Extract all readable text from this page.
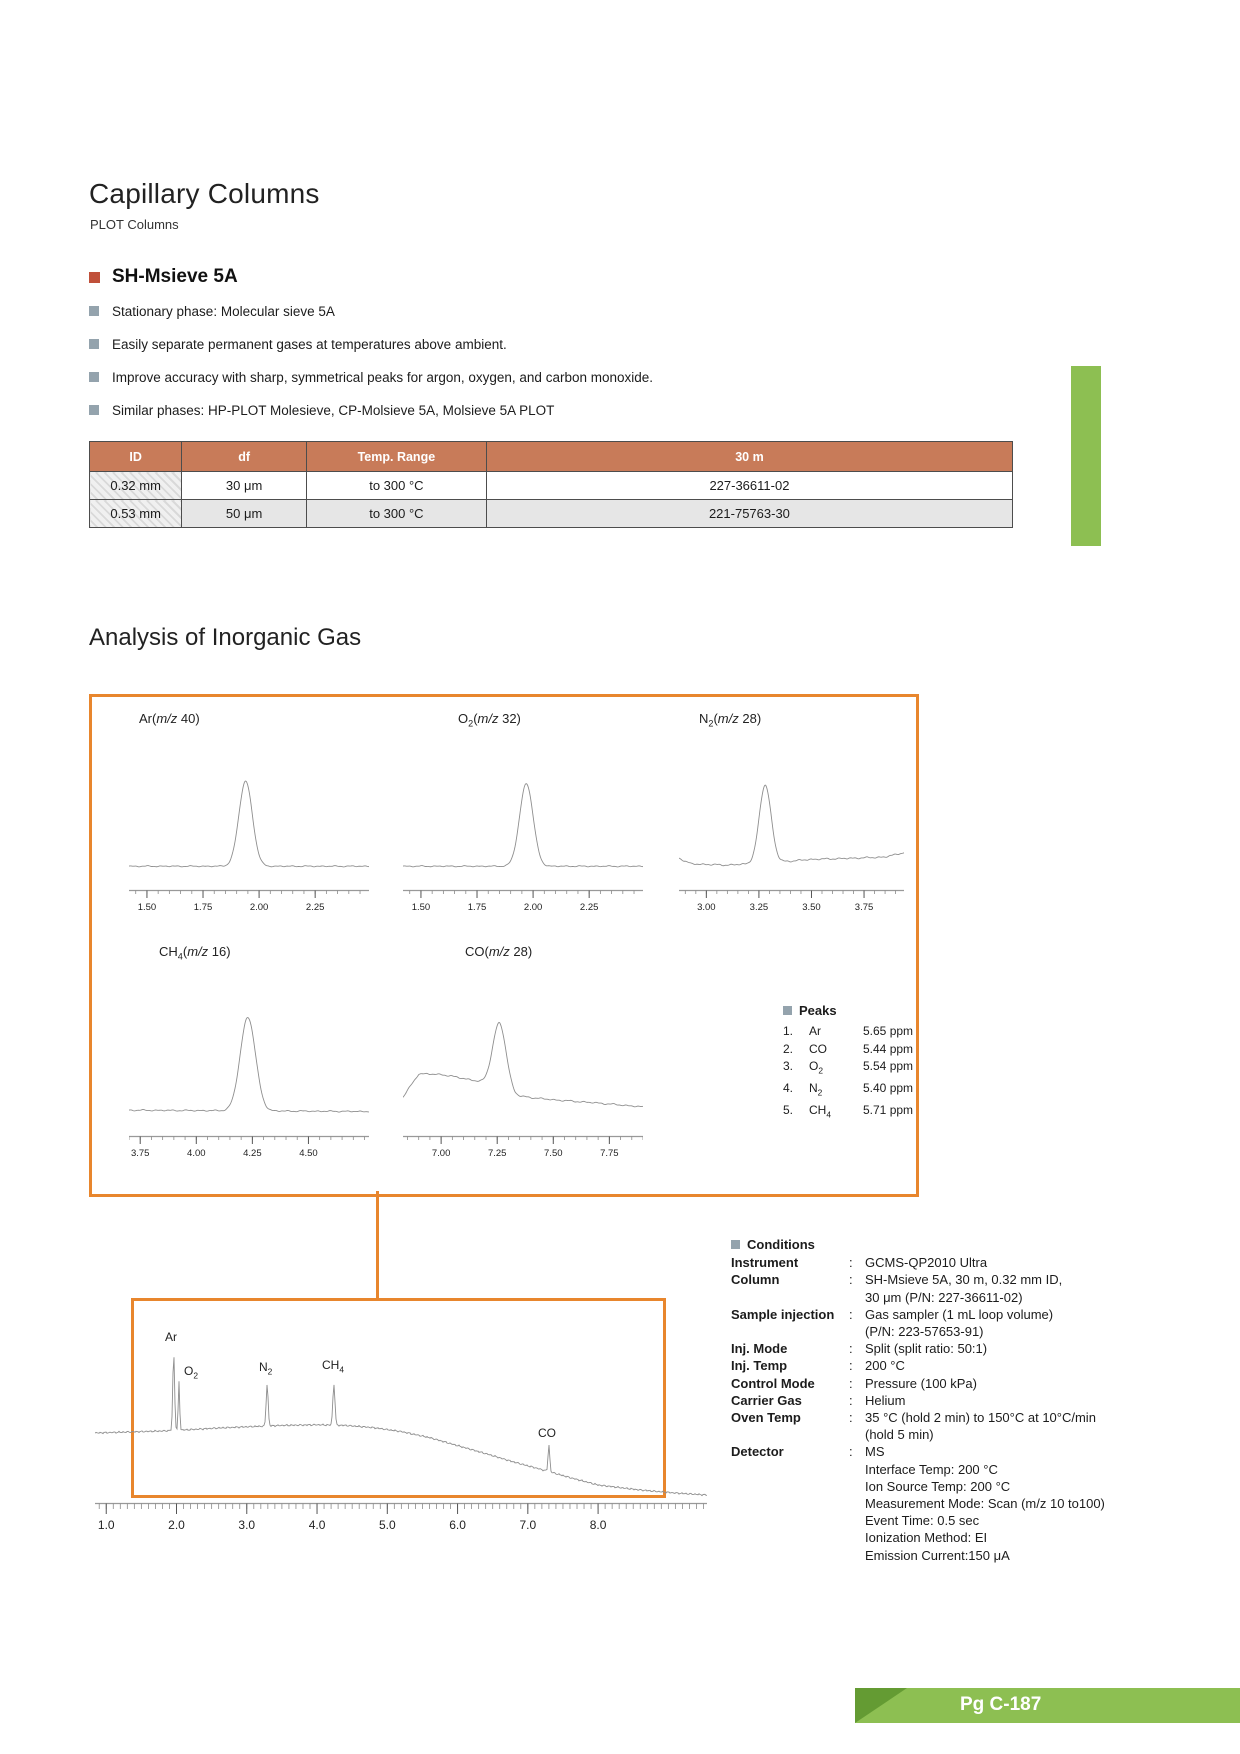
Capillary Columns
PLOT Columns
SH-Msieve 5A
Stationary phase: Molecular sieve 5A
Easily separate permanent gases at temperatures above ambient.
Improve accuracy with sharp, symmetrical peaks for argon, oxygen, and carbon monoxide.
Similar phases: HP-PLOT Molesieve, CP-Molsieve 5A, Molsieve 5A PLOT
ID	df	Temp. Range	30 m
0.32 mm	30 μm	to 300 °C	227-36611-02
0.53 mm	50 μm	to 300 °C	221-75763-30
Analysis of Inorganic Gas
Ar(m/z 40)
1.50	1.75	2.00	2.25
$O_2(m/z$ 32)
1.50	1.75	2.00	2.25
$N_2(m/z$ 28)
3.00	3.25	3.50	3.75
$CH_4(m/z$ 16)
3.75	4.00	4.25	4.50
CO(m/z 28)
7.00	7.25	7.50	7.75
Peaks
1.	Ar	5.65 ppm
2.	CO	5.44 ppm
3.	$O_2$	5.54 ppm
4.	$N_2$	5.40 ppm
5.	$CH_4$	5.71 ppm
Ar
$O_2$
$N_2$	$CH_4$
CO
1.0	2.0	3.0	4.0	5.0	6.0	7.0	8.0
Conditions
Instrument	: GCMS-QP2010 Ultra
Column	: SH-Msieve 5A, 30 m, 0.32 mm ID,
30 μm (P/N: 227-36611-02)
Sample injection	: Gas sampler (1 mL loop volume)
(P/N: 223-57653-91)
Inj. Mode	: Split (split ratio: 50:1)
Inj. Temp	: 200 °C
Control Mode	: Pressure (100 kPa)
Carrier Gas	: Helium
Oven Temp	: 35 °C (hold 2 min) to 150°C at 10°C/min
(hold 5 min)
Detector	: MS
Interface Temp: 200 °C
Ion Source Temp: 200 °C
Measurement Mode: Scan (m/z 10 to100)
Event Time: 0.5 sec
Ionization Method: EI
Emission Current:150 μA
Pg C-187
